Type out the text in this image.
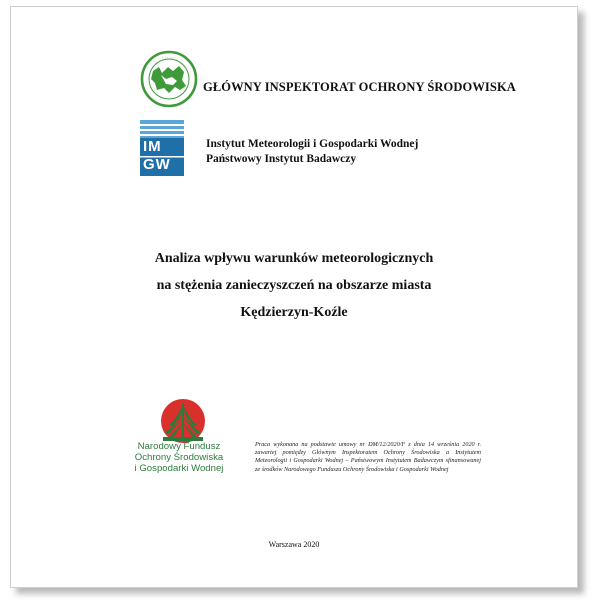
· · · · · ·
GŁÓWNY INSPEKTORAT OCHRONY ŚRODOWISKA
IM
GW
Instytut Meteorologii i Gospodarki Wodnej
Państwowy Instytut Badawczy
Analiza wpływu warunków meteorologicznych
na stężenia zanieczyszczeń na obszarze miasta
Kędzierzyn-Koźle
Narodowy Fundusz
Ochrony Środowiska
i Gospodarki Wodnej
Praca wykonana na podstawie umowy nr DM/12/2020/F z dnia 14 września 2020 r. zawartej pomiędzy Głównym Inspektoratem Ochrony Środowiska a Instytutem Meteorologii i Gospodarki Wodnej – Państwowym Instytutem Badawczym sfinansowanej ze środków Narodowego Funduszu Ochrony Środowiska i Gospodarki Wodnej
Warszawa 2020
